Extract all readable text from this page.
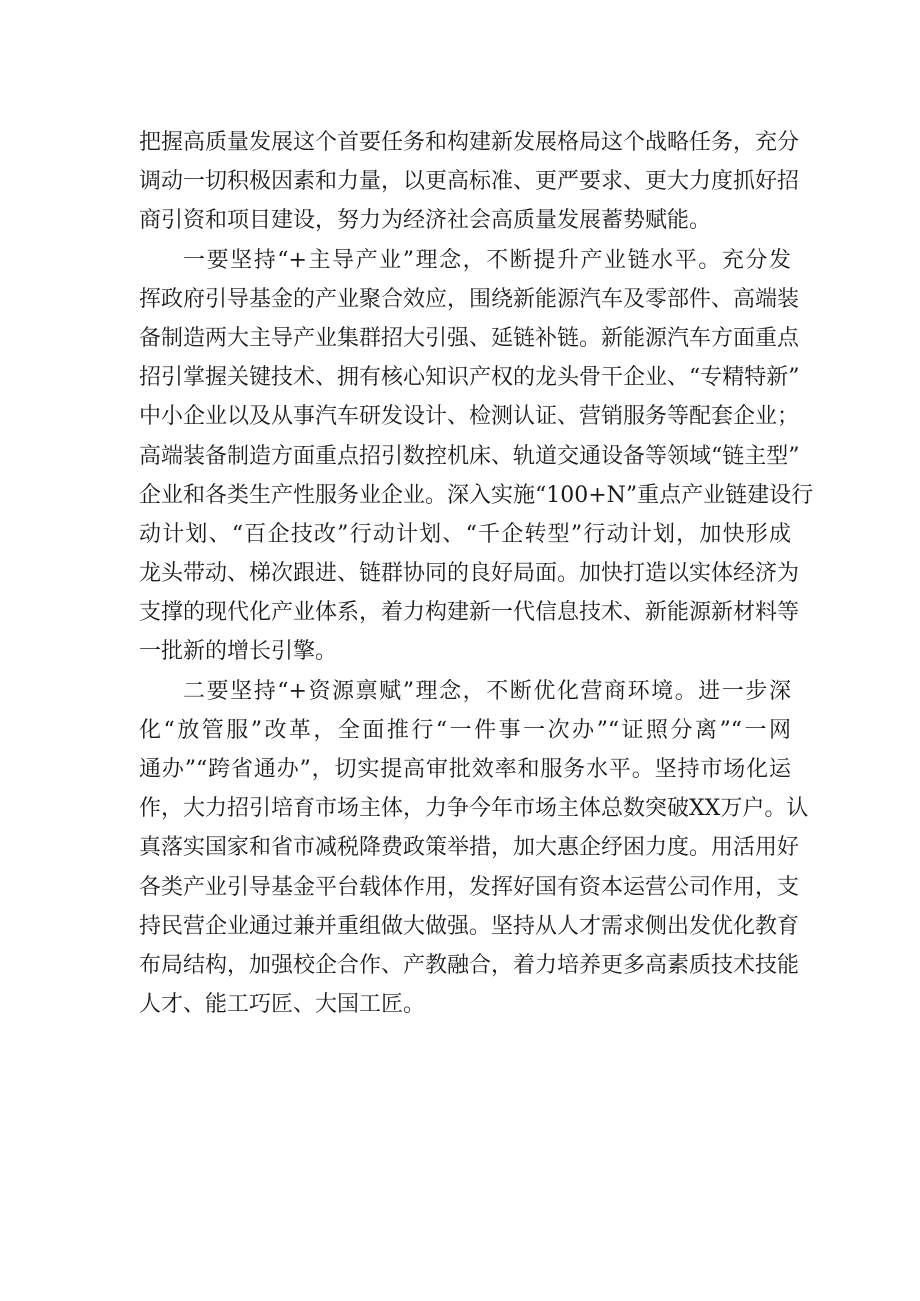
把握高质量发展这个首要任务和构建新发展格局这个战略任务，充分
调动一切积极因素和力量，以更高标准、更严要求、更大力度抓好招
商引资和项目建设，努力为经济社会高质量发展蓄势赋能。
一要坚持“+主导产业”理念，不断提升产业链水平。充分发
挥政府引导基金的产业聚合效应，围绕新能源汽车及零部件、高端装
备制造两大主导产业集群招大引强、延链补链。新能源汽车方面重点
招引掌握关键技术、拥有核心知识产权的龙头骨干企业、“专精特新”
中小企业以及从事汽车研发设计、检测认证、营销服务等配套企业；
高端装备制造方面重点招引数控机床、轨道交通设备等领域“链主型”
企业和各类生产性服务业企业。深入实施“100+N”重点产业链建设行
动计划、“百企技改”行动计划、“千企转型”行动计划，加快形成
龙头带动、梯次跟进、链群协同的良好局面。加快打造以实体经济为
支撑的现代化产业体系，着力构建新一代信息技术、新能源新材料等
一批新的增长引擎。
二要坚持“+资源禀赋”理念，不断优化营商环境。进一步深
化“放管服”改革，全面推行“一件事一次办”“证照分离”“一网
通办”“跨省通办”，切实提高审批效率和服务水平。坚持市场化运
作，大力招引培育市场主体，力争今年市场主体总数突破XX万户。认
真落实国家和省市减税降费政策举措，加大惠企纾困力度。用活用好
各类产业引导基金平台载体作用，发挥好国有资本运营公司作用，支
持民营企业通过兼并重组做大做强。坚持从人才需求侧出发优化教育
布局结构，加强校企合作、产教融合，着力培养更多高素质技术技能
人才、能工巧匠、大国工匠。
